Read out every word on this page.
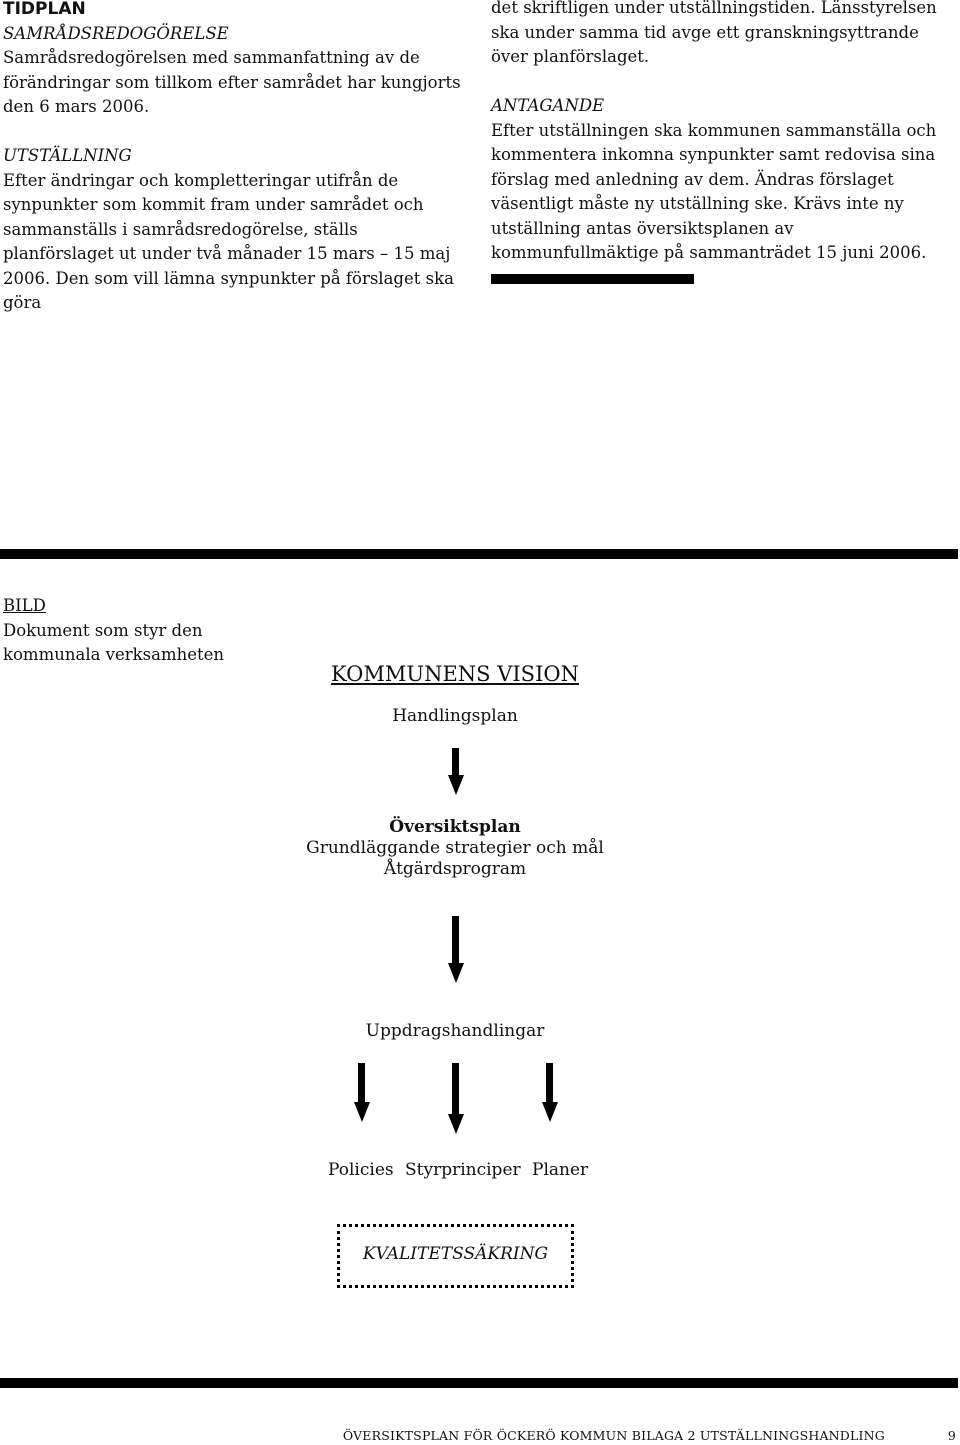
TIDPLAN

SAMRÅDSREDOGÖRELSE

Samrådsredogörelsen med sammanfattning av de förändringar som tillkom efter samrådet har kungjorts den 6 mars 2006.

UTSTÄLLNING

Efter ändringar och kompletteringar utifrån de synpunkter som kommit fram under samrådet och sammanställs i samrådsredogörelse, ställs planförslaget ut under två månader 15 mars – 15 maj 2006. Den som vill lämna synpunkter på förslaget ska göra

det skriftligen under utställningstiden. Länsstyrelsen ska under samma tid avge ett granskningsyttrande över planförslaget.

ANTAGANDE

Efter utställningen ska kommunen sammanställa och kommentera inkomna synpunkter samt redovisa sina förslag med anledning av dem. Ändras förslaget väsentligt måste ny utställning ske. Krävs inte ny utställning antas översiktsplanen av kommunfullmäktige på sammanträdet 15 juni 2006.

BILD

Dokument som styr den kommunala verksamheten

KOMMUNENS VISION
Handlingsplan
Översiktsplan
Grundläggande strategier och mål
Åtgärdsprogram
Uppdragshandlingar
Policies Styrprinciper Planer
KVALITETSSÄKRING
ÖVERSIKTSPLAN FÖR ÖCKERÖ KOMMUN BILAGA 2 UTSTÄLLNINGSHANDLING	9
